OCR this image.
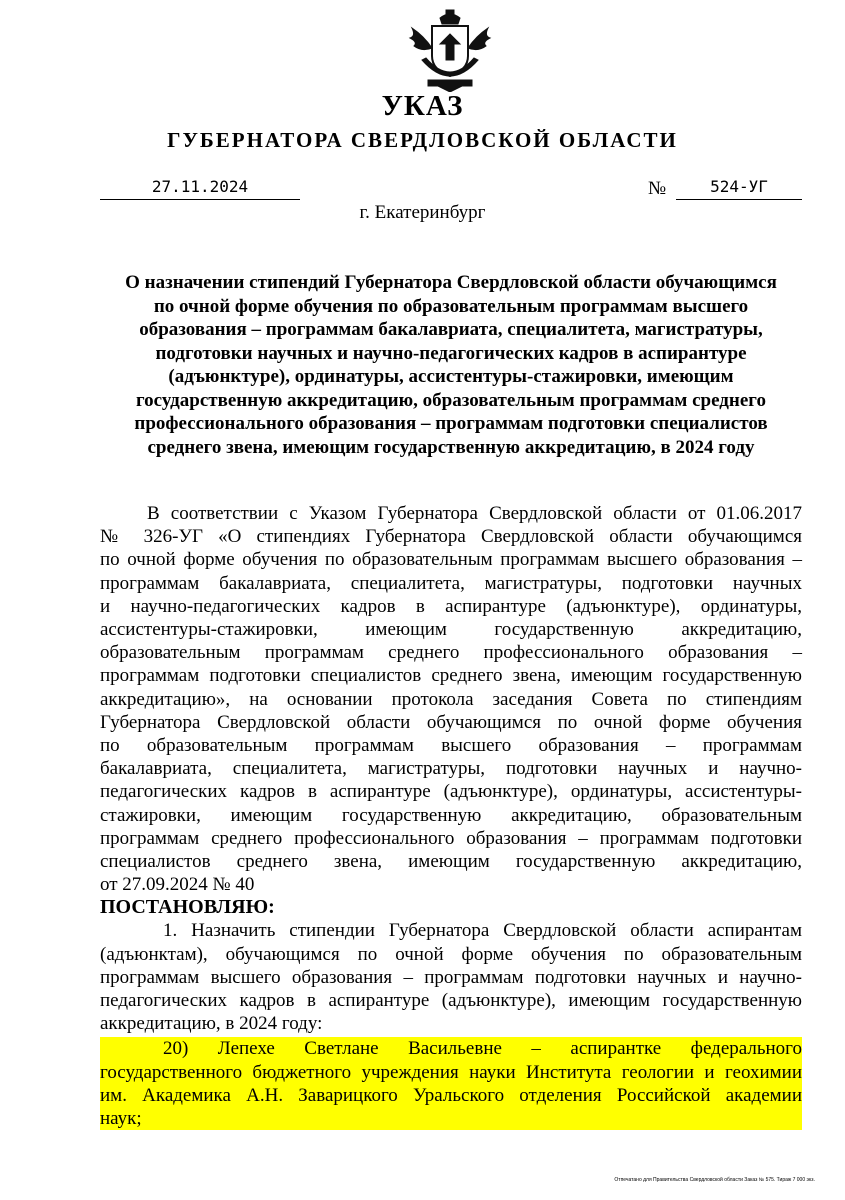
УКАЗ
ГУБЕРНАТОРА СВЕРДЛОВСКОЙ ОБЛАСТИ
27.11.2024	№	524-УГ
г. Екатеринбург
О назначении стипендий Губернатора Свердловской области обучающимся
по очной форме обучения по образовательным программам высшего
образования – программам бакалавриата, специалитета, магистратуры,
подготовки научных и научно-педагогических кадров в аспирантуре
(адъюнктуре), ординатуры, ассистентуры-стажировки, имеющим
государственную аккредитацию, образовательным программам среднего
профессионального образования – программам подготовки специалистов
среднего звена, имеющим государственную аккредитацию, в 2024 году
В соответствии с Указом Губернатора Свердловской области от 01.06.2017
№ 326-УГ «О стипендиях Губернатора Свердловской области обучающимся
по очной форме обучения по образовательным программам высшего образования –
программам бакалавриата, специалитета, магистратуры, подготовки научных
и научно-педагогических кадров в аспирантуре (адъюнктуре), ординатуры,
ассистентуры-стажировки, имеющим государственную аккредитацию,
образовательным программам среднего профессионального образования –
программам подготовки специалистов среднего звена, имеющим государственную
аккредитацию», на основании протокола заседания Совета по стипендиям
Губернатора Свердловской области обучающимся по очной форме обучения
по образовательным программам высшего образования – программам
бакалавриата, специалитета, магистратуры, подготовки научных и научно-
педагогических кадров в аспирантуре (адъюнктуре), ординатуры, ассистентуры-
стажировки, имеющим государственную аккредитацию, образовательным
программам среднего профессионального образования – программам подготовки
специалистов среднего звена, имеющим государственную аккредитацию,
от 27.09.2024 № 40
ПОСТАНОВЛЯЮ:
1. Назначить стипендии Губернатора Свердловской области аспирантам
(адъюнктам), обучающимся по очной форме обучения по образовательным
программам высшего образования – программам подготовки научных и научно-
педагогических кадров в аспирантуре (адъюнктуре), имеющим государственную
аккредитацию, в 2024 году:
20) Лепехе Светлане Васильевне – аспирантке федерального
государственного бюджетного учреждения науки Института геологии и геохимии
им. Академика А.Н. Заварицкого Уральского отделения Российской академии
наук;
Отпечатано для Правительства Свердловской области Заказ № 575. Тираж 7 000 экз.
